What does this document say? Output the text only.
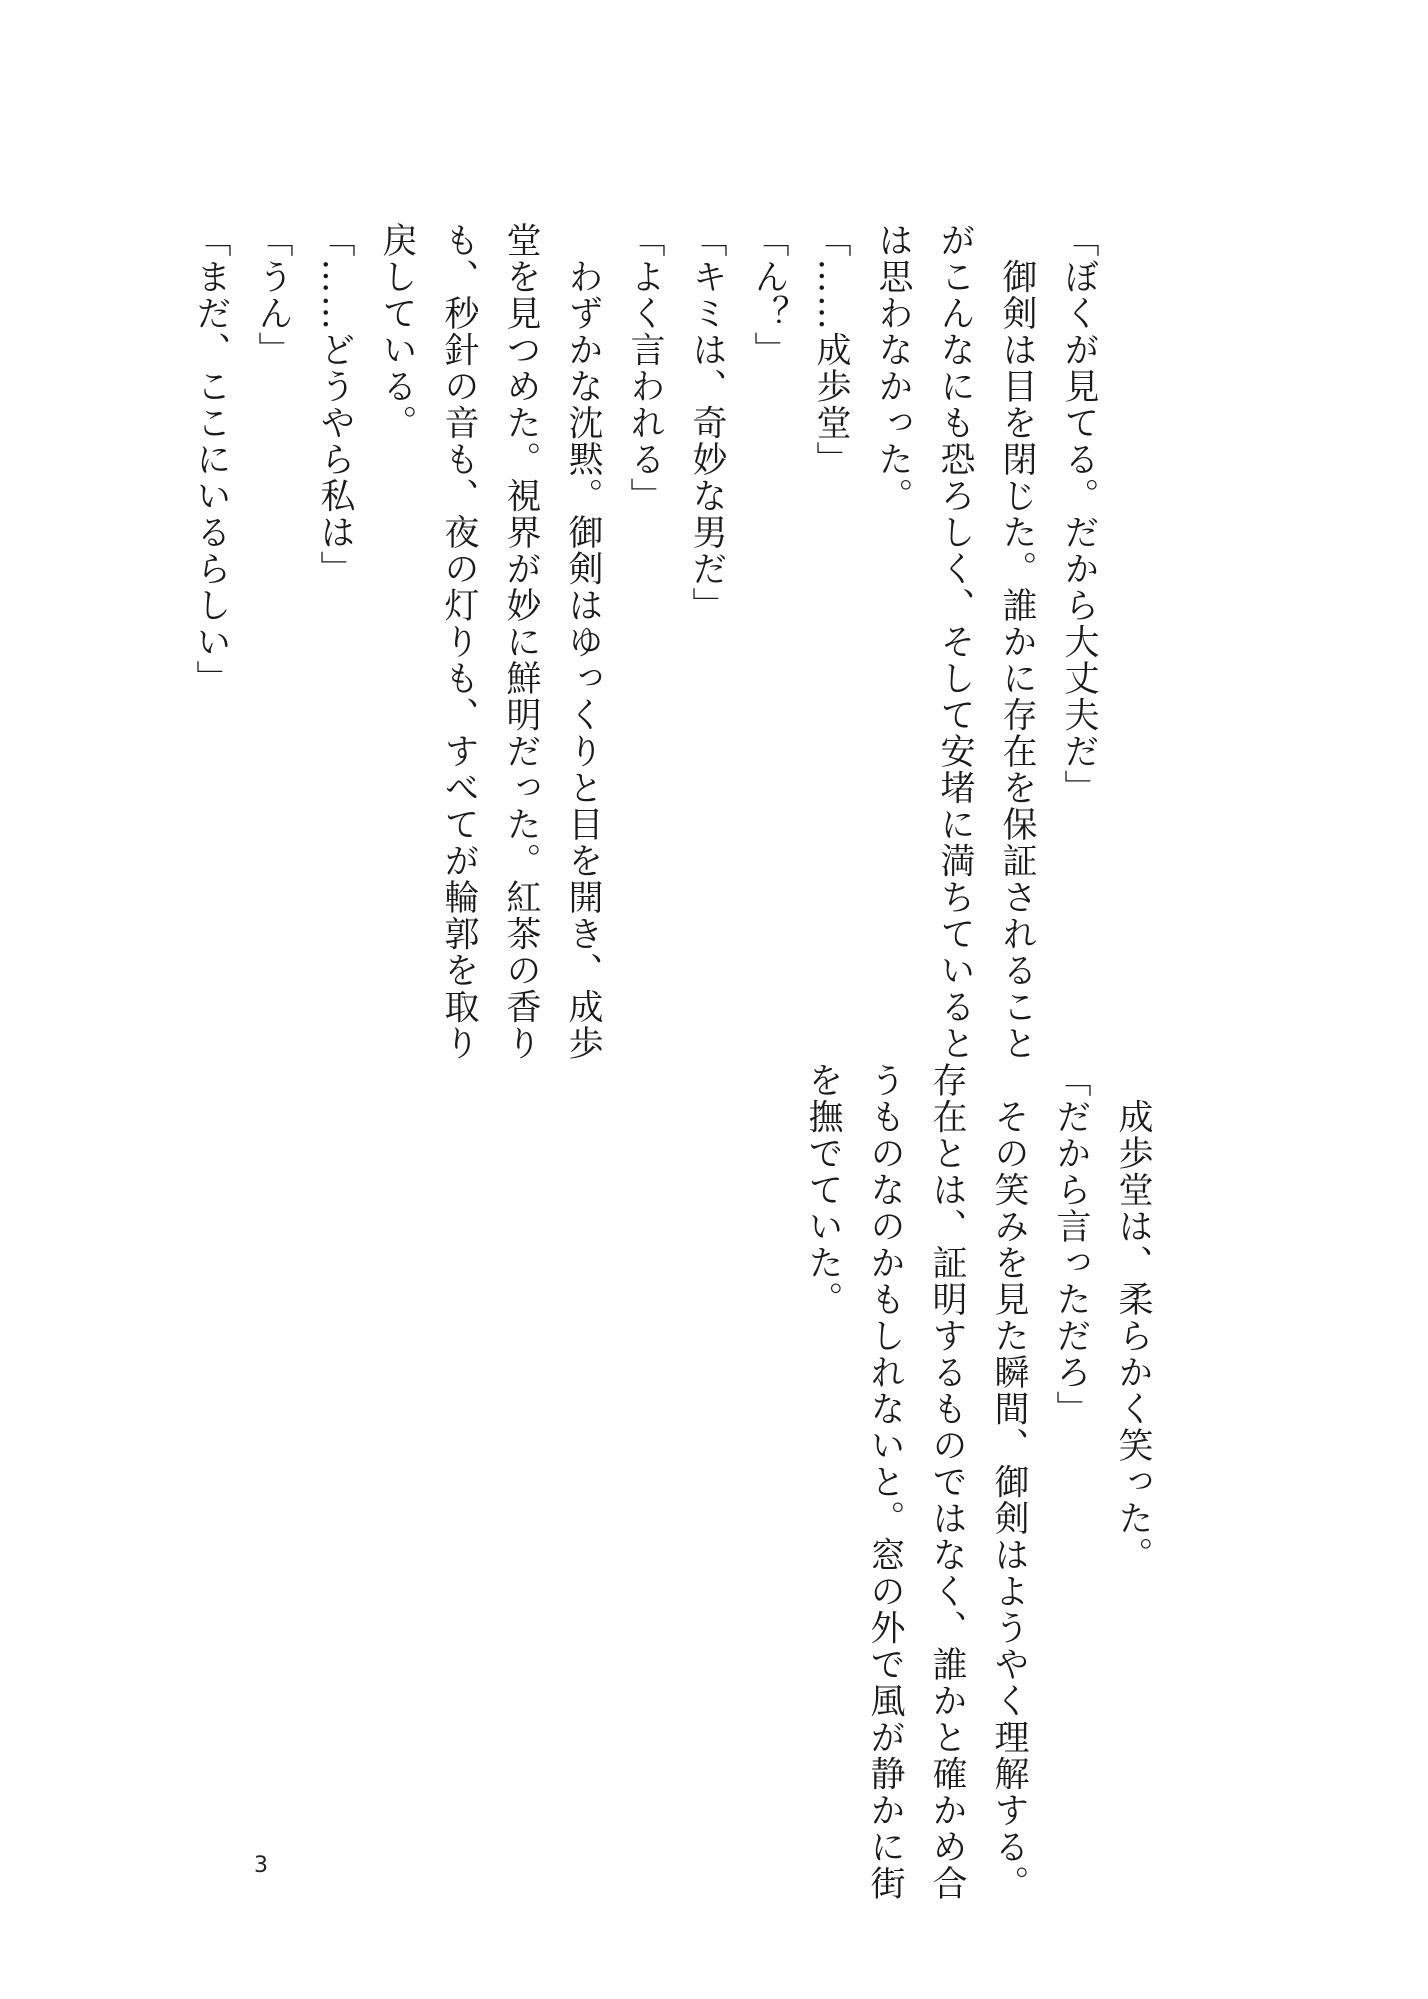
「ぼくが見てる。だから大丈夫だ」

　御剣は目を閉じた。誰かに存在を保証されること

がこんなにも恐ろしく、そして安堵に満ちていると

は思わなかった。

「……成歩堂」

「ん？」

「キミは、奇妙な男だ」

「よく言われる」

　わずかな沈黙。御剣はゆっくりと目を開き、成歩

堂を見つめた。視界が妙に鮮明だった。紅茶の香り

も、秒針の音も、夜の灯りも、すべてが輪郭を取り

戻している。

「……どうやら私は」

「うん」

「まだ、ここにいるらしい」

　成歩堂は、柔らかく笑った。

「だから言っただろ」

　その笑みを見た瞬間、御剣はようやく理解する。

存在とは、証明するものではなく、誰かと確かめ合

うものなのかもしれないと。窓の外で風が静かに街

を撫でていた。

3
